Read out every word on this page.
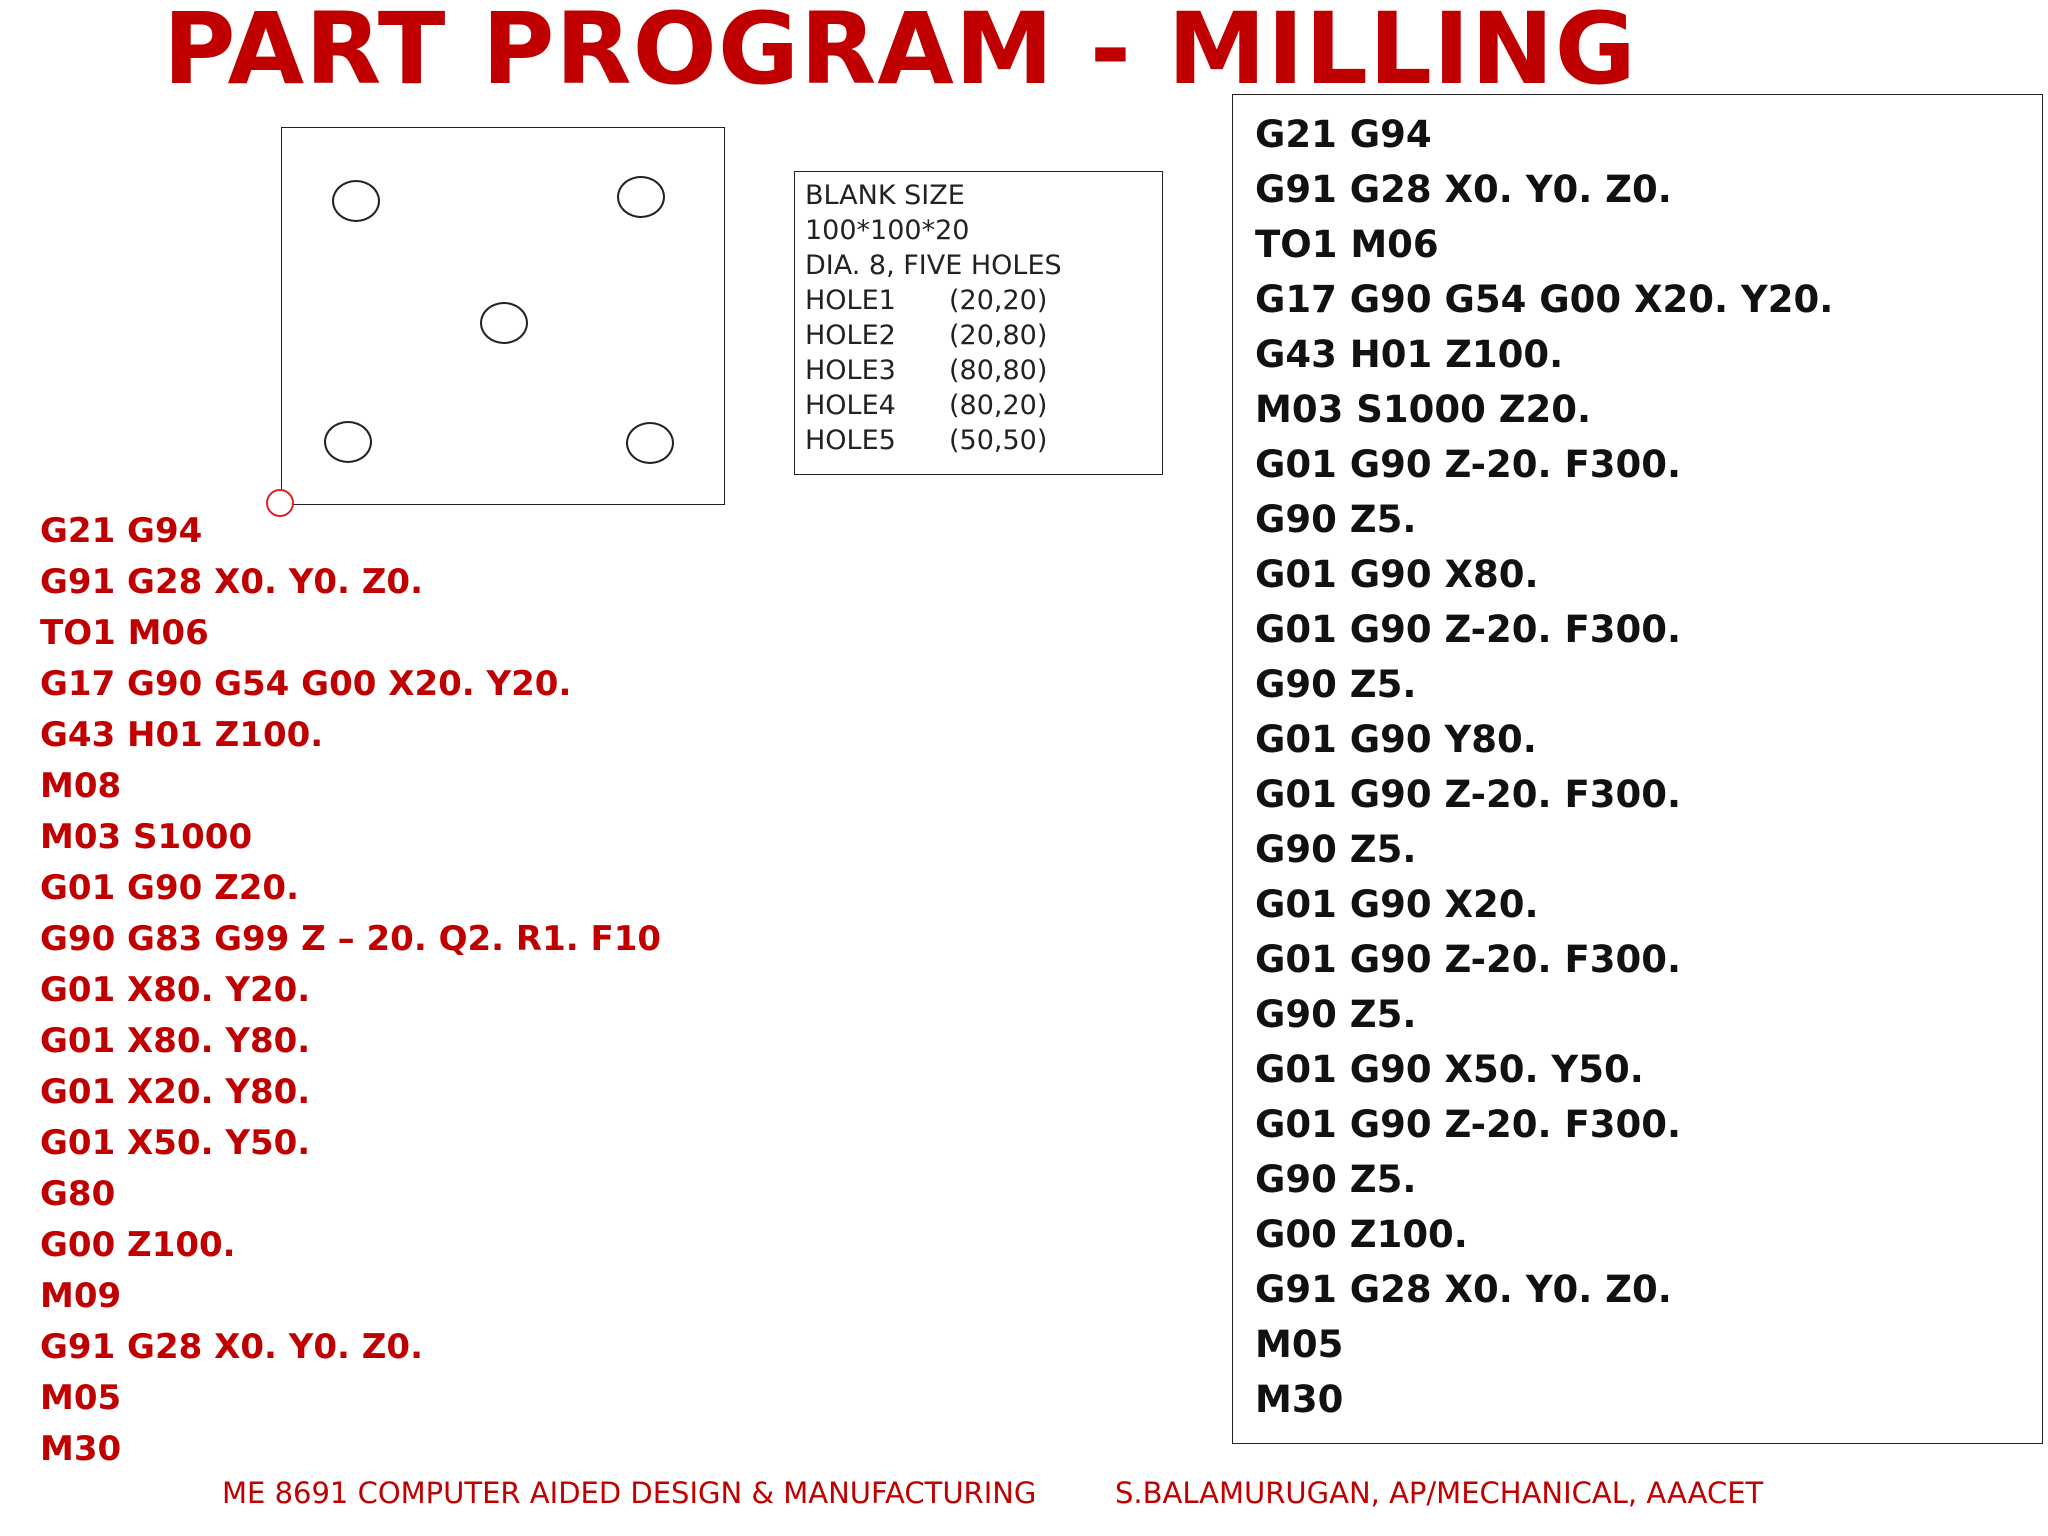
PART PROGRAM - MILLING
BLANK SIZE
100*100*20
DIA. 8, FIVE HOLES
HOLE1 (20,20)
HOLE2 (20,80)
HOLE3 (80,80)
HOLE4 (80,20)
HOLE5 (50,50)
G21 G94
G91 G28 X0. Y0. Z0.
TO1 M06
G17 G90 G54 G00 X20. Y20.
G43 H01 Z100.
M08
M03 S1000
G01 G90 Z20.
G90 G83 G99 Z – 20. Q2. R1. F10
G01 X80. Y20.
G01 X80. Y80.
G01 X20. Y80.
G01 X50. Y50.
G80
G00 Z100.
M09
G91 G28 X0. Y0. Z0.
M05
M30
G21 G94
G91 G28 X0. Y0. Z0.
TO1 M06
G17 G90 G54 G00 X20. Y20.
G43 H01 Z100.
M03 S1000 Z20.
G01 G90 Z-20. F300.
G90 Z5.
G01 G90 X80.
G01 G90 Z-20. F300.
G90 Z5.
G01 G90 Y80.
G01 G90 Z-20. F300.
G90 Z5.
G01 G90 X20.
G01 G90 Z-20. F300.
G90 Z5.
G01 G90 X50. Y50.
G01 G90 Z-20. F300.
G90 Z5.
G00 Z100.
G91 G28 X0. Y0. Z0.
M05
M30
ME 8691 COMPUTER AIDED DESIGN & MANUFACTURING	S.BALAMURUGAN, AP/MECHANICAL, AAACET
